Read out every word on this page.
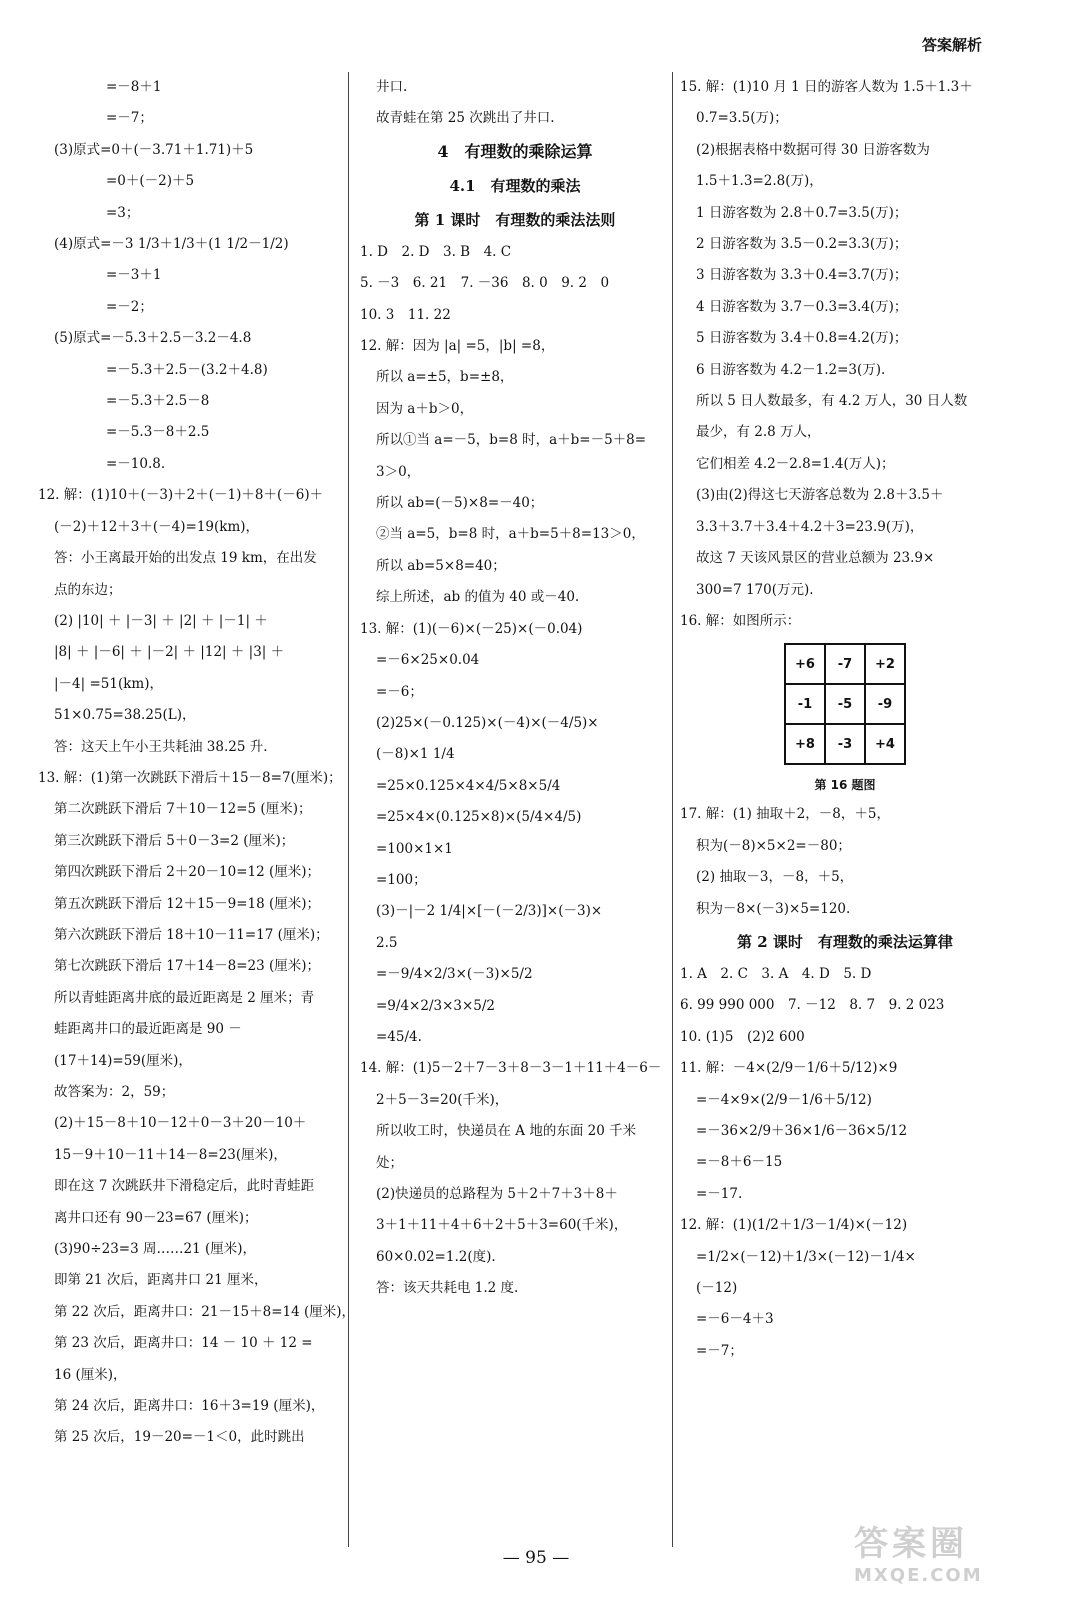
答案解析
=－8＋1
=－7；
(3)原式=0＋(－3.71＋1.71)＋5
=0＋(－2)＋5
=3；
(4)原式=－3 1/3＋1/3＋(1 1/2－1/2)
=－3＋1
=－2；
(5)原式=－5.3＋2.5－3.2－4.8
=－5.3＋2.5－(3.2＋4.8)
=－5.3＋2.5－8
=－5.3－8＋2.5
=－10.8.
12. 解：(1)10＋(－3)＋2＋(－1)＋8＋(－6)＋
(－2)＋12＋3＋(－4)=19(km)，
答：小王离最开始的出发点 19 km，在出发
点的东边；
(2) |10| ＋ |－3| ＋ |2| ＋ |－1| ＋
|8| ＋ |－6| ＋ |－2| ＋ |12| ＋ |3| ＋
|－4| =51(km)，
51×0.75=38.25(L)，
答：这天上午小王共耗油 38.25 升.
13. 解：(1)第一次跳跃下滑后＋15－8=7(厘米)；
第二次跳跃下滑后 7＋10－12=5 (厘米)；
第三次跳跃下滑后 5＋0－3=2 (厘米)；
第四次跳跃下滑后 2＋20－10=12 (厘米)；
第五次跳跃下滑后 12＋15－9=18 (厘米)；
第六次跳跃下滑后 18＋10－11=17 (厘米)；
第七次跳跃下滑后 17＋14－8=23 (厘米)；
所以青蛙距离井底的最近距离是 2 厘米；青
蛙距离井口的最近距离是 90 －
(17＋14)=59(厘米)，
故答案为：2，59；
(2)＋15－8＋10－12＋0－3＋20－10＋
15－9＋10－11＋14－8=23(厘米)，
即在这 7 次跳跃井下滑稳定后，此时青蛙距
离井口还有 90－23=67 (厘米)；
(3)90÷23=3 周……21 (厘米)，
即第 21 次后，距离井口 21 厘米，
第 22 次后，距离井口：21－15＋8=14 (厘米)，
第 23 次后，距离井口：14 － 10 ＋ 12 =
16 (厘米)，
第 24 次后，距离井口：16＋3=19 (厘米)，
第 25 次后，19－20=－1＜0，此时跳出
井口.
故青蛙在第 25 次跳出了井口.
4　有理数的乘除运算
4.1　有理数的乘法
第 1 课时　有理数的乘法法则
1. D　2. D　3. B　4. C
5. －3　6. 21　7. －36　8. 0　9. 2　0
10. 3　11. 22
12. 解：因为 |a| =5，|b| =8，
所以 a=±5，b=±8，
因为 a＋b＞0，
所以①当 a=－5，b=8 时，a＋b=－5＋8=
3＞0，
所以 ab=(－5)×8=－40；
②当 a=5，b=8 时，a＋b=5＋8=13＞0，
所以 ab=5×8=40；
综上所述，ab 的值为 40 或－40.
13. 解：(1)(－6)×(－25)×(－0.04)
=－6×25×0.04
=－6；
(2)25×(－0.125)×(－4)×(－4/5)×
(－8)×1 1/4
=25×0.125×4×4/5×8×5/4
=25×4×(0.125×8)×(5/4×4/5)
=100×1×1
=100；
(3)－|－2 1/4|×[－(－2/3)]×(－3)×
2.5
=－9/4×2/3×(－3)×5/2
=9/4×2/3×3×5/2
=45/4.
14. 解：(1)5－2＋7－3＋8－3－1＋11＋4－6－
2＋5－3=20(千米)，
所以收工时，快递员在 A 地的东面 20 千米
处；
(2)快递员的总路程为 5＋2＋7＋3＋8＋
3＋1＋11＋4＋6＋2＋5＋3=60(千米)，
60×0.02=1.2(度).
答：该天共耗电 1.2 度.
15. 解：(1)10 月 1 日的游客人数为 1.5＋1.3＋
0.7=3.5(万)；
(2)根据表格中数据可得 30 日游客数为
1.5＋1.3=2.8(万)，
1 日游客数为 2.8＋0.7=3.5(万)；
2 日游客数为 3.5－0.2=3.3(万)；
3 日游客数为 3.3＋0.4=3.7(万)；
4 日游客数为 3.7－0.3=3.4(万)；
5 日游客数为 3.4＋0.8=4.2(万)；
6 日游客数为 4.2－1.2=3(万).
所以 5 日人数最多，有 4.2 万人，30 日人数
最少，有 2.8 万人，
它们相差 4.2－2.8=1.4(万人)；
(3)由(2)得这七天游客总数为 2.8＋3.5＋
3.3＋3.7＋3.4＋4.2＋3=23.9(万)，
故这 7 天该风景区的营业总额为 23.9×
300=7 170(万元).
16. 解：如图所示：
+6	-7	+2
-1	-5	-9
+8	-3	+4
第 16 题图
17. 解：(1) 抽取＋2，－8，＋5，
积为(－8)×5×2=－80；
(2) 抽取－3，－8，＋5，
积为－8×(－3)×5=120.
第 2 课时　有理数的乘法运算律
1. A　2. C　3. A　4. D　5. D
6. 99 990 000　7. －12　8. 7　9. 2 023
10. (1)5　(2)2 600
11. 解：－4×(2/9－1/6＋5/12)×9
=－4×9×(2/9－1/6＋5/12)
=－36×2/9＋36×1/6－36×5/12
=－8＋6－15
=－17.
12. 解：(1)(1/2＋1/3－1/4)×(－12)
=1/2×(－12)＋1/3×(－12)－1/4×
(－12)
=－6－4＋3
=－7；
— 95 —	答案圈
MXQE.COM
